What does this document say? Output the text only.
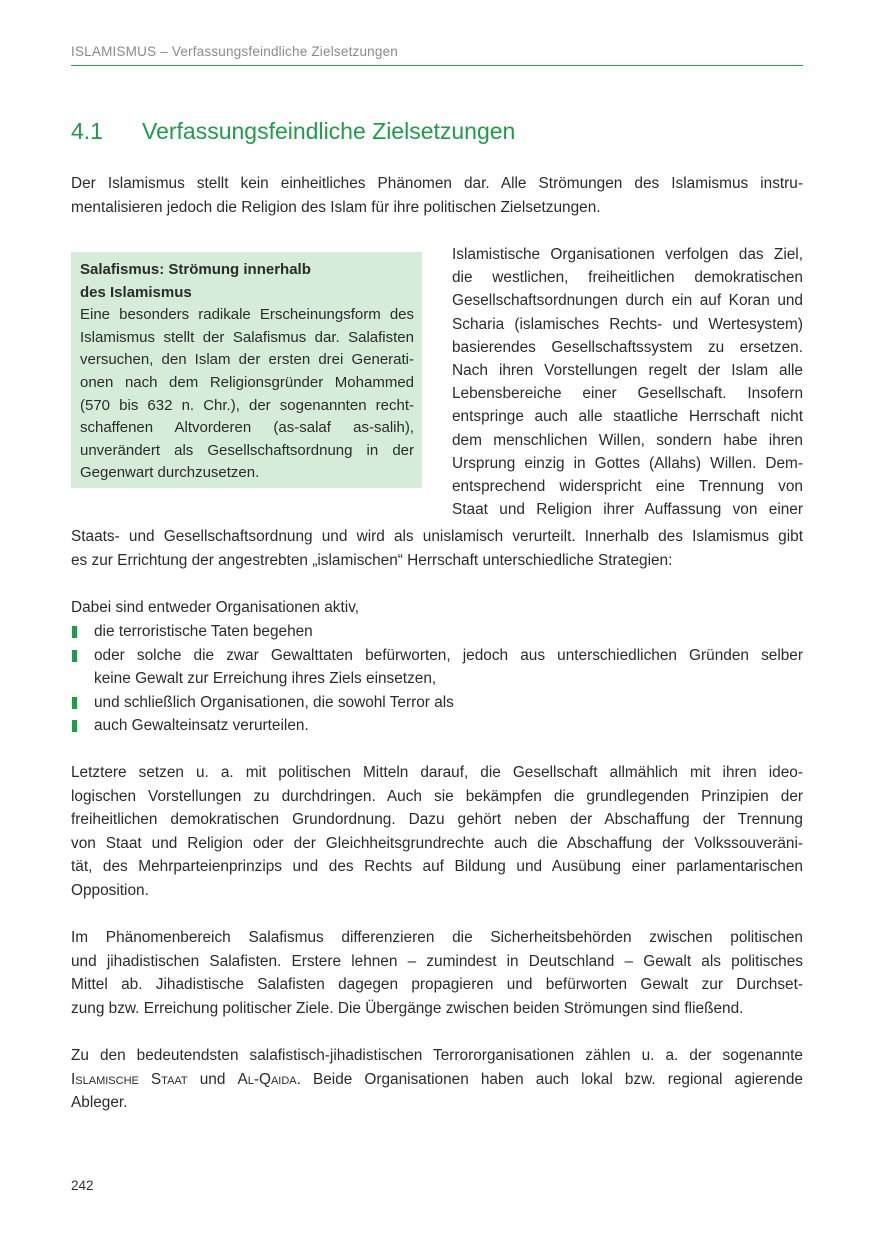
ISLAMISMUS – Verfassungsfeindliche Zielsetzungen
4.1 Verfassungsfeindliche Zielsetzungen
Der Islamismus stellt kein einheitliches Phänomen dar. Alle Strömungen des Islamismus instru-
mentalisieren jedoch die Religion des Islam für ihre politischen Zielsetzungen.
Salafismus: Strömung innerhalb
des Islamismus
Eine besonders radikale Erscheinungsform des
Islamismus stellt der Salafismus dar. Salafisten
versuchen, den Islam der ersten drei Generati-
onen nach dem Religionsgründer Mohammed
(570 bis 632 n. Chr.), der sogenannten recht-
schaffenen Altvorderen (as-salaf as-salih),
unverändert als Gesellschaftsordnung in der
Gegenwart durchzusetzen.
Islamistische Organisationen verfolgen das Ziel,
die westlichen, freiheitlichen demokratischen
Gesellschaftsordnungen durch ein auf Koran und
Scharia (islamisches Rechts- und Wertesystem)
basierendes Gesellschaftssystem zu ersetzen.
Nach ihren Vorstellungen regelt der Islam alle
Lebensbereiche einer Gesellschaft. Insofern
entspringe auch alle staatliche Herrschaft nicht
dem menschlichen Willen, sondern habe ihren
Ursprung einzig in Gottes (Allahs) Willen. Dem-
entsprechend widerspricht eine Trennung von
Staat und Religion ihrer Auffassung von einer
Staats- und Gesellschaftsordnung und wird als unislamisch verurteilt. Innerhalb des Islamismus gibt
es zur Errichtung der angestrebten „islamischen“ Herrschaft unterschiedliche Strategien:
Dabei sind entweder Organisationen aktiv,
die terroristische Taten begehen
oder solche die zwar Gewalttaten befürworten, jedoch aus unterschiedlichen Gründen selber
keine Gewalt zur Erreichung ihres Ziels einsetzen,
und schließlich Organisationen, die sowohl Terror als
auch Gewalteinsatz verurteilen.
Letztere setzen u. a. mit politischen Mitteln darauf, die Gesellschaft allmählich mit ihren ideo-
logischen Vorstellungen zu durchdringen. Auch sie bekämpfen die grundlegenden Prinzipien der
freiheitlichen demokratischen Grundordnung. Dazu gehört neben der Abschaffung der Trennung
von Staat und Religion oder der Gleichheitsgrundrechte auch die Abschaffung der Volkssouveräni-
tät, des Mehrparteienprinzips und des Rechts auf Bildung und Ausübung einer parlamentarischen
Opposition.
Im Phänomenbereich Salafismus differenzieren die Sicherheitsbehörden zwischen politischen
und jihadistischen Salafisten. Erstere lehnen – zumindest in Deutschland – Gewalt als politisches
Mittel ab. Jihadistische Salafisten dagegen propagieren und befürworten Gewalt zur Durchset-
zung bzw. Erreichung politischer Ziele. Die Übergänge zwischen beiden Strömungen sind fließend.
Zu den bedeutendsten salafistisch-jihadistischen Terrororganisationen zählen u. a. der sogenannte
Islamische Staat und Al-Qaida. Beide Organisationen haben auch lokal bzw. regional agierende
Ableger.
242
